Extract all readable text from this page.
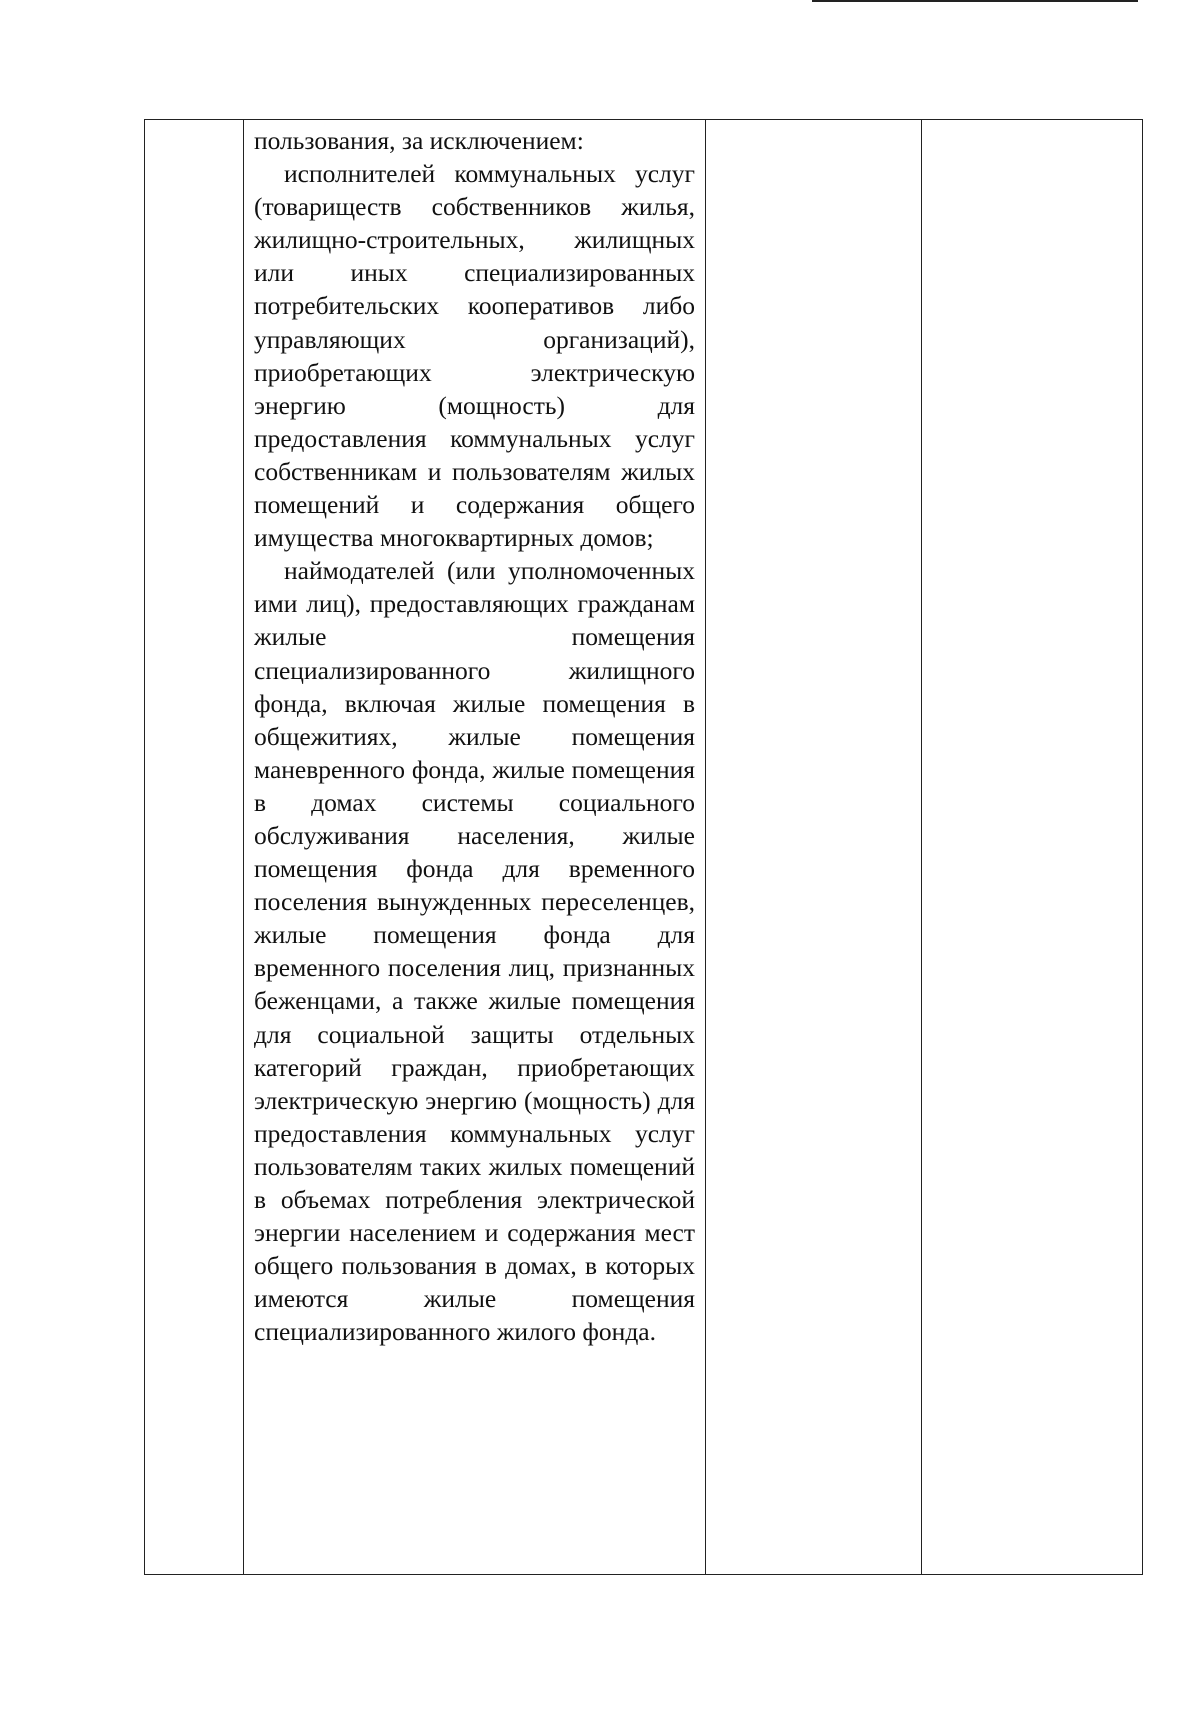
пользования, за исключением:

исполнителей коммунальных услуг (товариществ собственников жилья, жилищно-строительных, жилищных или иных специализированных потребительских кооперативов либо управляющих организаций), приобретающих электрическую энергию (мощность) для предоставления коммунальных услуг собственникам и пользователям жилых помещений и содержания общего имущества многоквартирных домов;

наймодателей (или уполномоченных ими лиц), предоставляющих гражданам жилые помещения специализированного жилищного фонда, включая жилые помещения в общежитиях, жилые помещения маневренного фонда, жилые помещения в домах системы социального обслуживания населения, жилые помещения фонда для временного поселения вынужденных переселенцев, жилые помещения фонда для временного поселения лиц, признанных беженцами, а также жилые помещения для социальной защиты отдельных категорий граждан, приобретающих электрическую энергию (мощность) для предоставления коммунальных услуг пользователям таких жилых помещений в объемах потребления электрической энергии населением и содержания мест общего пользования в домах, в которых имеются жилые помещения специализированного жилого фонда.
